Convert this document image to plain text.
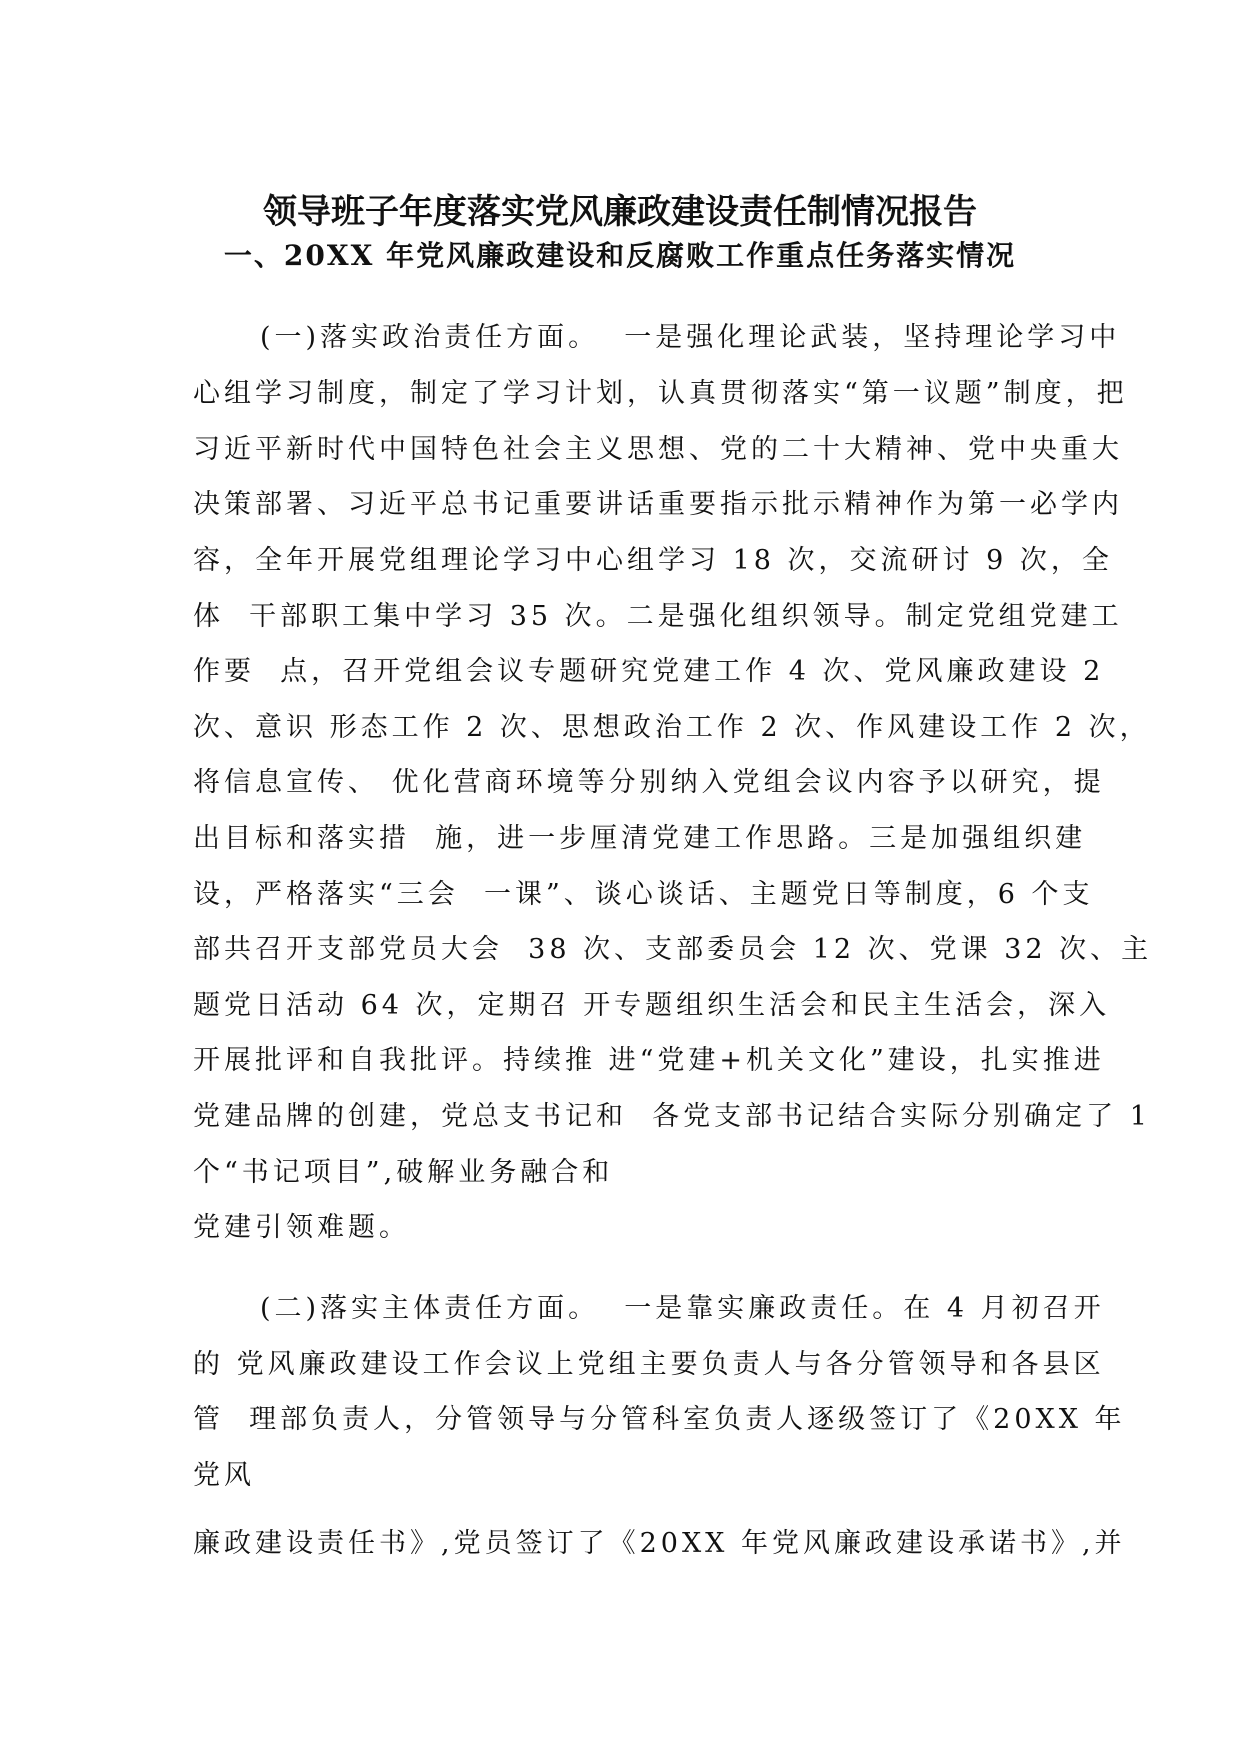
领导班子年度落实党风廉政建设责任制情况报告
一、20XX 年党风廉政建设和反腐败工作重点任务落实情况
(一)落实政治责任方面。  一是强化理论武装，坚持理论学习中
心组学习制度，制定了学习计划，认真贯彻落实“第一议题”制度，把
习近平新时代中国特色社会主义思想、党的二十大精神、党中央重大
决策部署、习近平总书记重要讲话重要指示批示精神作为第一必学内
容，全年开展党组理论学习中心组学习 18 次，交流研讨 9 次，全
体  干部职工集中学习 35 次。二是强化组织领导。制定党组党建工
作要  点，召开党组会议专题研究党建工作 4 次、党风廉政建设 2
次、意识 形态工作 2 次、思想政治工作 2 次、作风建设工作 2 次，
将信息宣传、 优化营商环境等分别纳入党组会议内容予以研究，提
出目标和落实措  施，进一步厘清党建工作思路。三是加强组织建
设，严格落实“三会  一课”、谈心谈话、主题党日等制度，6 个支
部共召开支部党员大会  38 次、支部委员会 12 次、党课 32 次、主
题党日活动 64 次，定期召 开专题组织生活会和民主生活会，深入
开展批评和自我批评。持续推 进“党建+机关文化”建设，扎实推进
党建品牌的创建，党总支书记和  各党支部书记结合实际分别确定了 1
个“书记项目”,破解业务融合和
党建引领难题。
(二)落实主体责任方面。  一是靠实廉政责任。在 4 月初召开
的 党风廉政建设工作会议上党组主要负责人与各分管领导和各县区
管  理部负责人，分管领导与分管科室负责人逐级签订了《20XX 年
党风
廉政建设责任书》,党员签订了《20XX 年党风廉政建设承诺书》,并
